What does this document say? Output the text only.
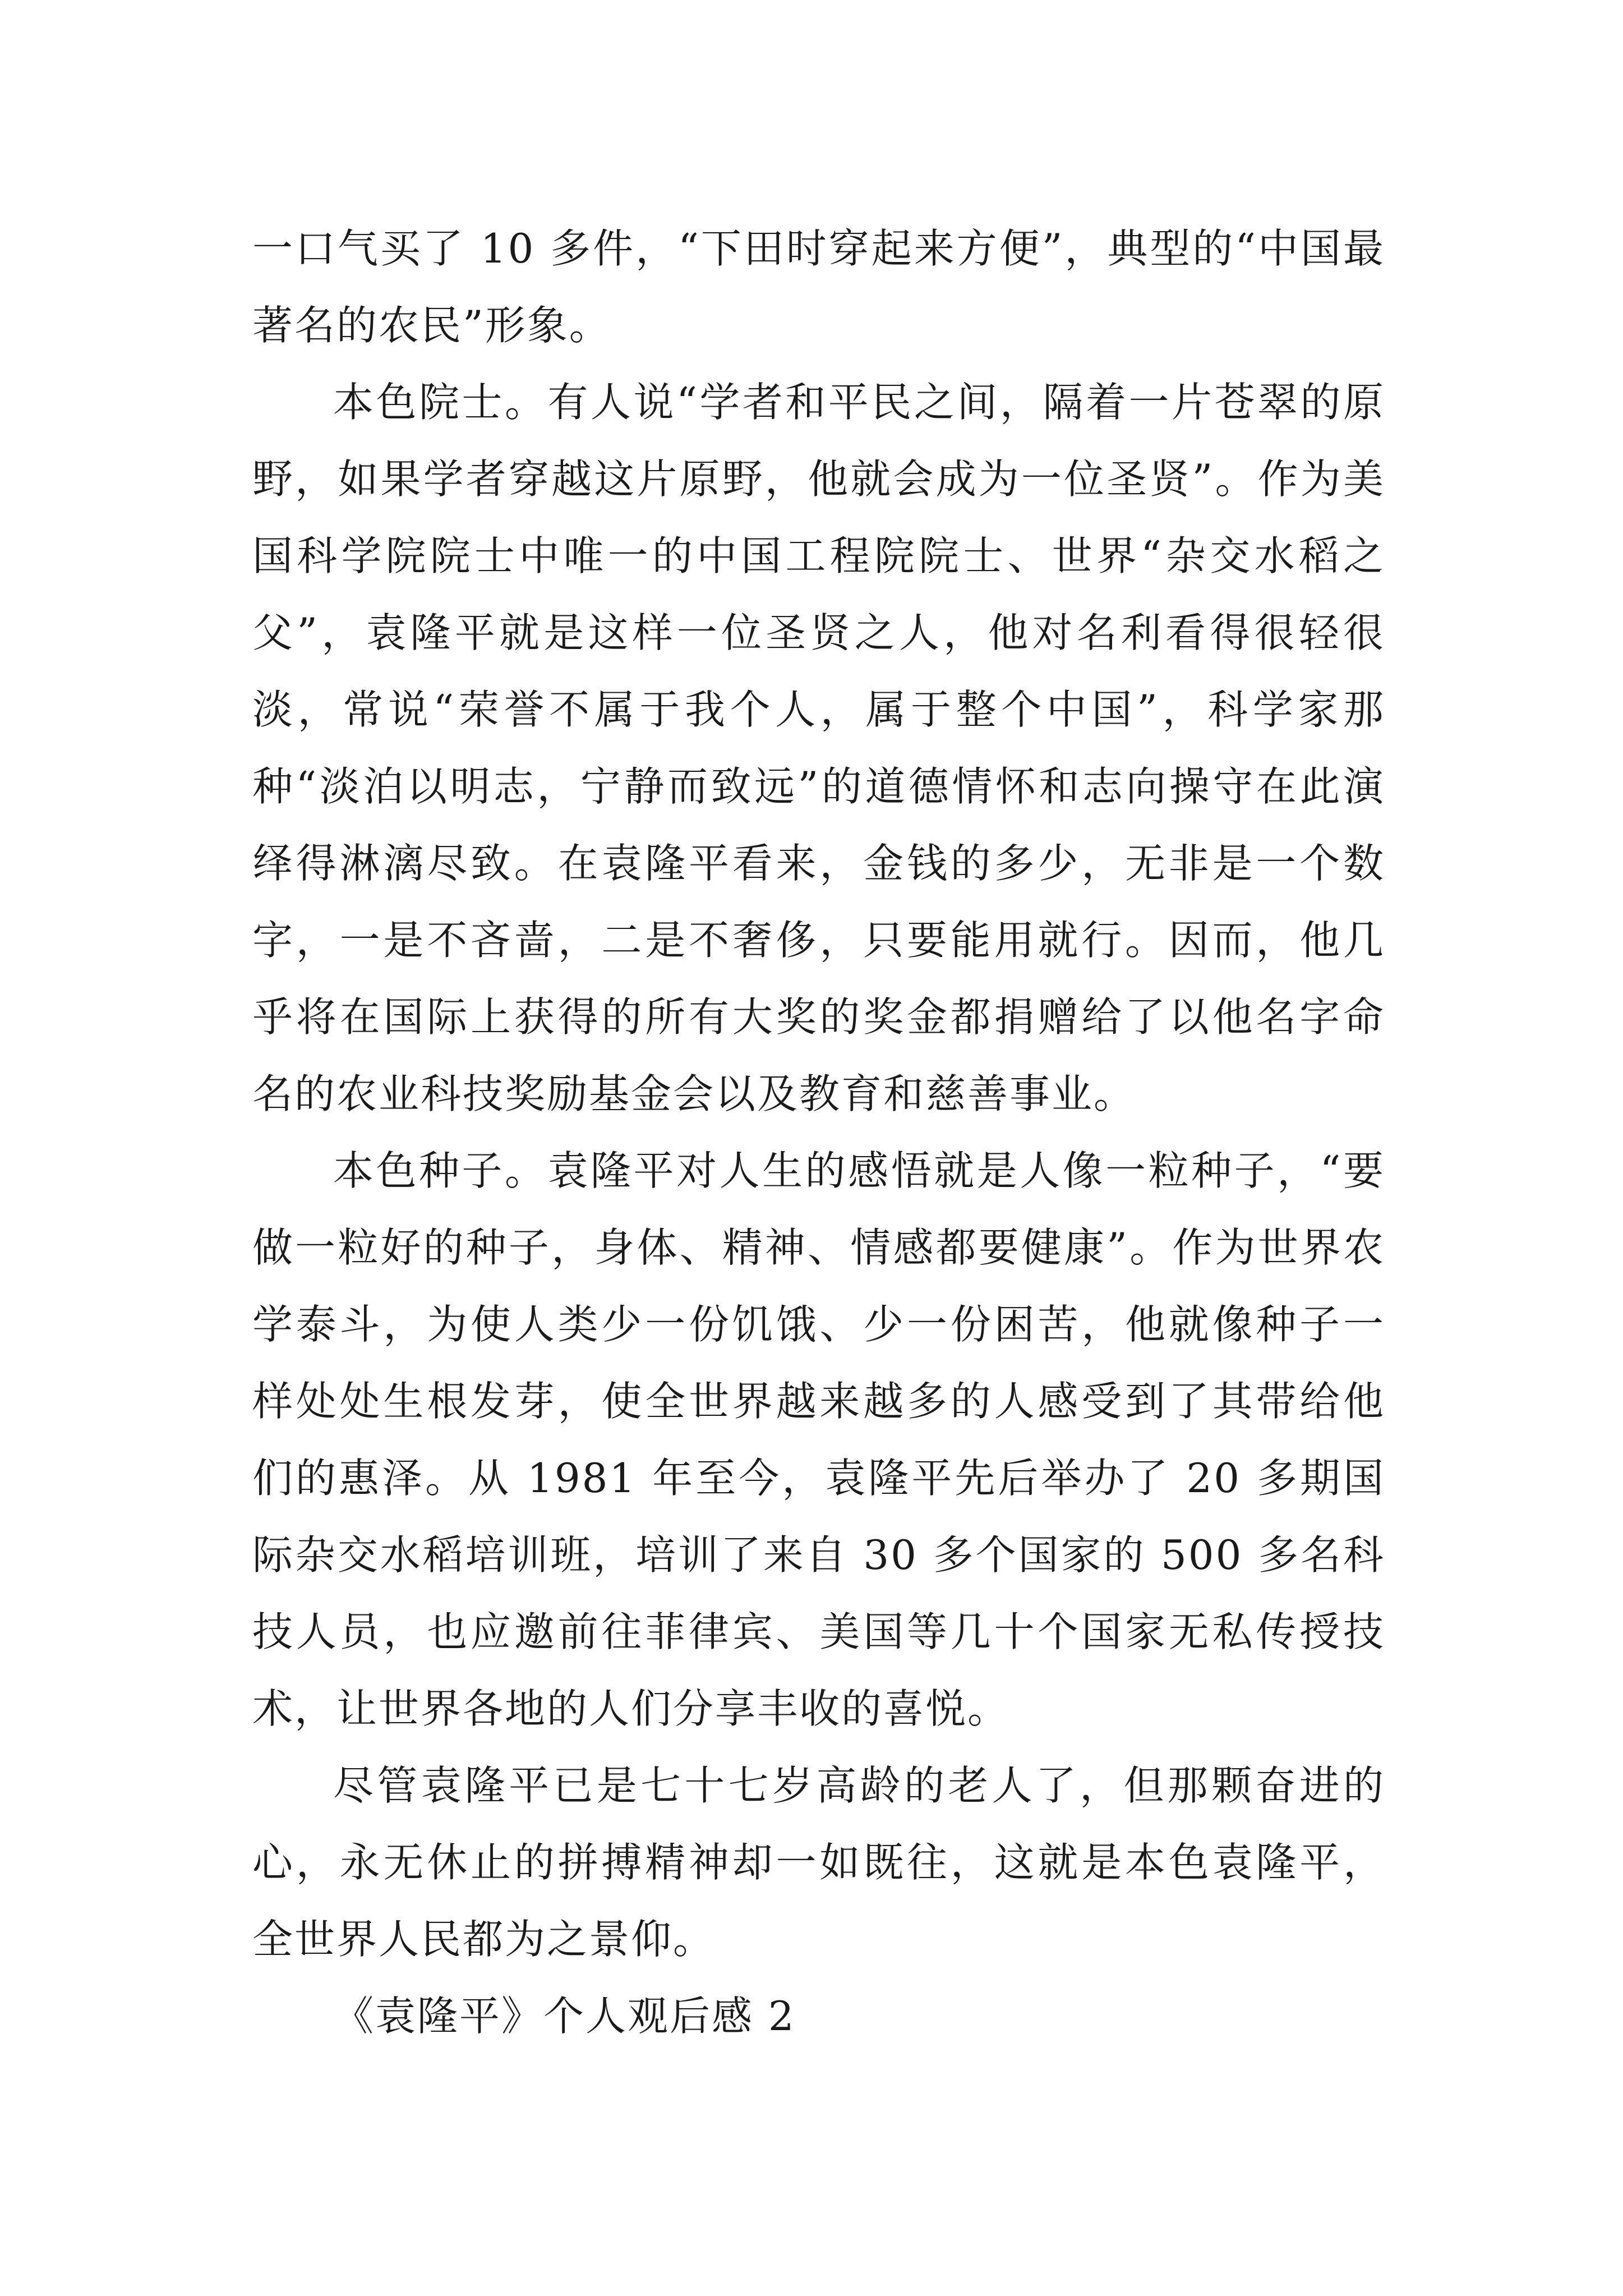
一口气买了 10 多件，“下田时穿起来方便”，典型的“中国最著名的农民”形象。

本色院士。有人说“学者和平民之间，隔着一片苍翠的原野，如果学者穿越这片原野，他就会成为一位圣贤”。作为美国科学院院士中唯一的中国工程院院士、世界“杂交水稻之父”，袁隆平就是这样一位圣贤之人，他对名利看得很轻很淡，常说“荣誉不属于我个人，属于整个中国”，科学家那种“淡泊以明志，宁静而致远”的道德情怀和志向操守在此演绎得淋漓尽致。在袁隆平看来，金钱的多少，无非是一个数字，一是不吝啬，二是不奢侈，只要能用就行。因而，他几乎将在国际上获得的所有大奖的奖金都捐赠给了以他名字命名的农业科技奖励基金会以及教育和慈善事业。

本色种子。袁隆平对人生的感悟就是人像一粒种子，“要做一粒好的种子，身体、精神、情感都要健康”。作为世界农学泰斗，为使人类少一份饥饿、少一份困苦，他就像种子一样处处生根发芽，使全世界越来越多的人感受到了其带给他们的惠泽。从 1981 年至今，袁隆平先后举办了 20 多期国际杂交水稻培训班，培训了来自 30 多个国家的 500 多名科技人员，也应邀前往菲律宾、美国等几十个国家无私传授技术，让世界各地的人们分享丰收的喜悦。

尽管袁隆平已是七十七岁高龄的老人了，但那颗奋进的心，永无休止的拼搏精神却一如既往，这就是本色袁隆平，全世界人民都为之景仰。

《袁隆平》个人观后感 2
